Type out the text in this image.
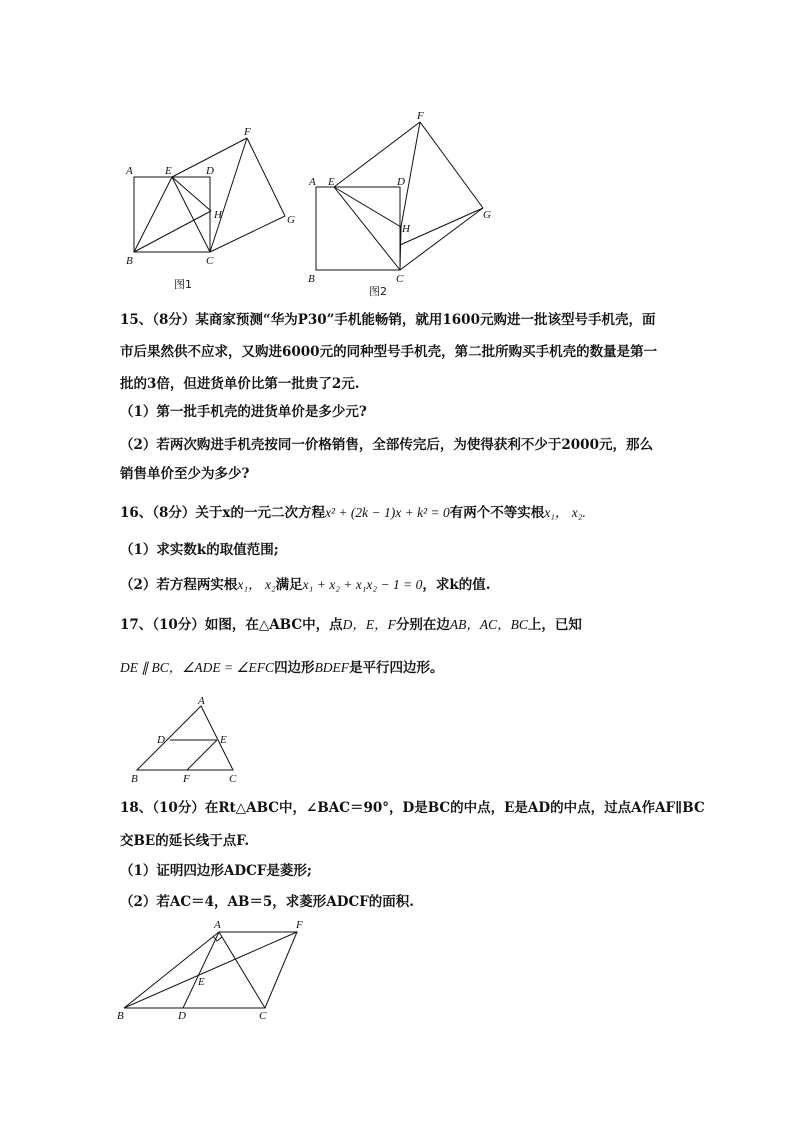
A	E	D
F
H	G
B	C
图1
A E	D
F
H
G
B	C
图2
15、（8分）某商家预测“华为P30”手机能畅销，就用1600元购进一批该型号手机壳，面
市后果然供不应求，又购进6000元的同种型号手机壳，第二批所购买手机壳的数量是第一
批的3倍，但进货单价比第一批贵了2元.
（1）第一批手机壳的进货单价是多少元?
（2）若两次购进手机壳按同一价格销售，全部传完后，为使得获利不少于2000元，那么
销售单价至少为多少?
16、（8分）关于x的一元二次方程x² + (2k − 1)x + k² = 0有两个不等实根x₁， x₂.
（1）求实数k的取值范围;
（2）若方程两实根x₁， x₂满足x₁ + x₂ + x₁x₂ − 1 = 0，求k的值.
17、（10分）如图，在△ABC中，点D，E，F分别在边AB，AC，BC上，已知
DE ∥ BC，∠ADE = ∠EFC四边形BDEF是平行四边形。
A
D	E
B	F	C
18、（10分）在Rt△ABC中，∠BAC＝90°，D是BC的中点，E是AD的中点，过点A作AF∥BC
交BE的延长线于点F.
（1）证明四边形ADCF是菱形;
（2）若AC＝4，AB＝5，求菱形ADCF的面积.
A	F
E
B	D	C
